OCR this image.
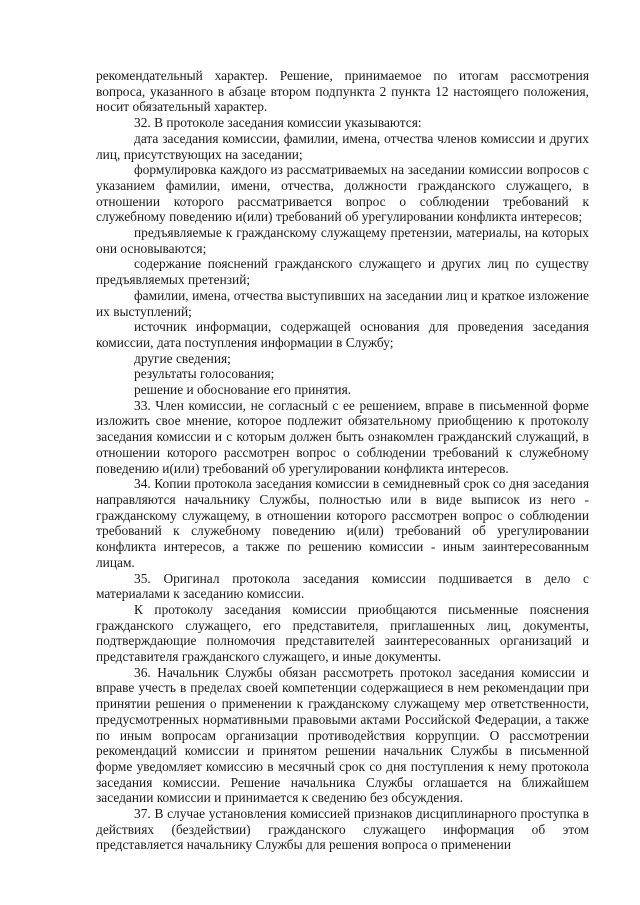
рекомендательный характер. Решение, принимаемое по итогам рассмотрения вопроса, указанного в абзаце втором подпункта 2 пункта 12 настоящего положения, носит обязательный характер.

32. В протоколе заседания комиссии указываются:

дата заседания комиссии, фамилии, имена, отчества членов комиссии и других лиц, присутствующих на заседании;

формулировка каждого из рассматриваемых на заседании комиссии вопросов с указанием фамилии, имени, отчества, должности гражданского служащего, в отношении которого рассматривается вопрос о соблюдении требований к служебному поведению и(или) требований об урегулировании конфликта интересов;

предъявляемые к гражданскому служащему претензии, материалы, на которых они основываются;

содержание пояснений гражданского служащего и других лиц по существу предъявляемых претензий;

фамилии, имена, отчества выступивших на заседании лиц и краткое изложение их выступлений;

источник информации, содержащей основания для проведения заседания комиссии, дата поступления информации в Службу;

другие сведения;

результаты голосования;

решение и обоснование его принятия.

33. Член комиссии, не согласный с ее решением, вправе в письменной форме изложить свое мнение, которое подлежит обязательному приобщению к протоколу заседания комиссии и с которым должен быть ознакомлен гражданский служащий, в отношении которого рассмотрен вопрос о соблюдении требований к служебному поведению и(или) требований об урегулировании конфликта интересов.

34. Копии протокола заседания комиссии в семидневный срок со дня заседания направляются начальнику Службы, полностью или в виде выписок из него - гражданскому служащему, в отношении которого рассмотрен вопрос о соблюдении требований к служебному поведению и(или) требований об урегулировании конфликта интересов, а также по решению комиссии - иным заинтересованным лицам.

35. Оригинал протокола заседания комиссии подшивается в дело с материалами к заседанию комиссии.

К протоколу заседания комиссии приобщаются письменные пояснения гражданского служащего, его представителя, приглашенных лиц, документы, подтверждающие полномочия представителей заинтересованных организаций и представителя гражданского служащего, и иные документы.

36. Начальник Службы обязан рассмотреть протокол заседания комиссии и вправе учесть в пределах своей компетенции содержащиеся в нем рекомендации при принятии решения о применении к гражданскому служащему мер ответственности, предусмотренных нормативными правовыми актами Российской Федерации, а также по иным вопросам организации противодействия коррупции. О рассмотрении рекомендаций комиссии и принятом решении начальник Службы в письменной форме уведомляет комиссию в месячный срок со дня поступления к нему протокола заседания комиссии. Решение начальника Службы оглашается на ближайшем заседании комиссии и принимается к сведению без обсуждения.

37. В случае установления комиссией признаков дисциплинарного проступка в действиях (бездействии) гражданского служащего информация об этом представляется начальнику Службы для решения вопроса о применении
